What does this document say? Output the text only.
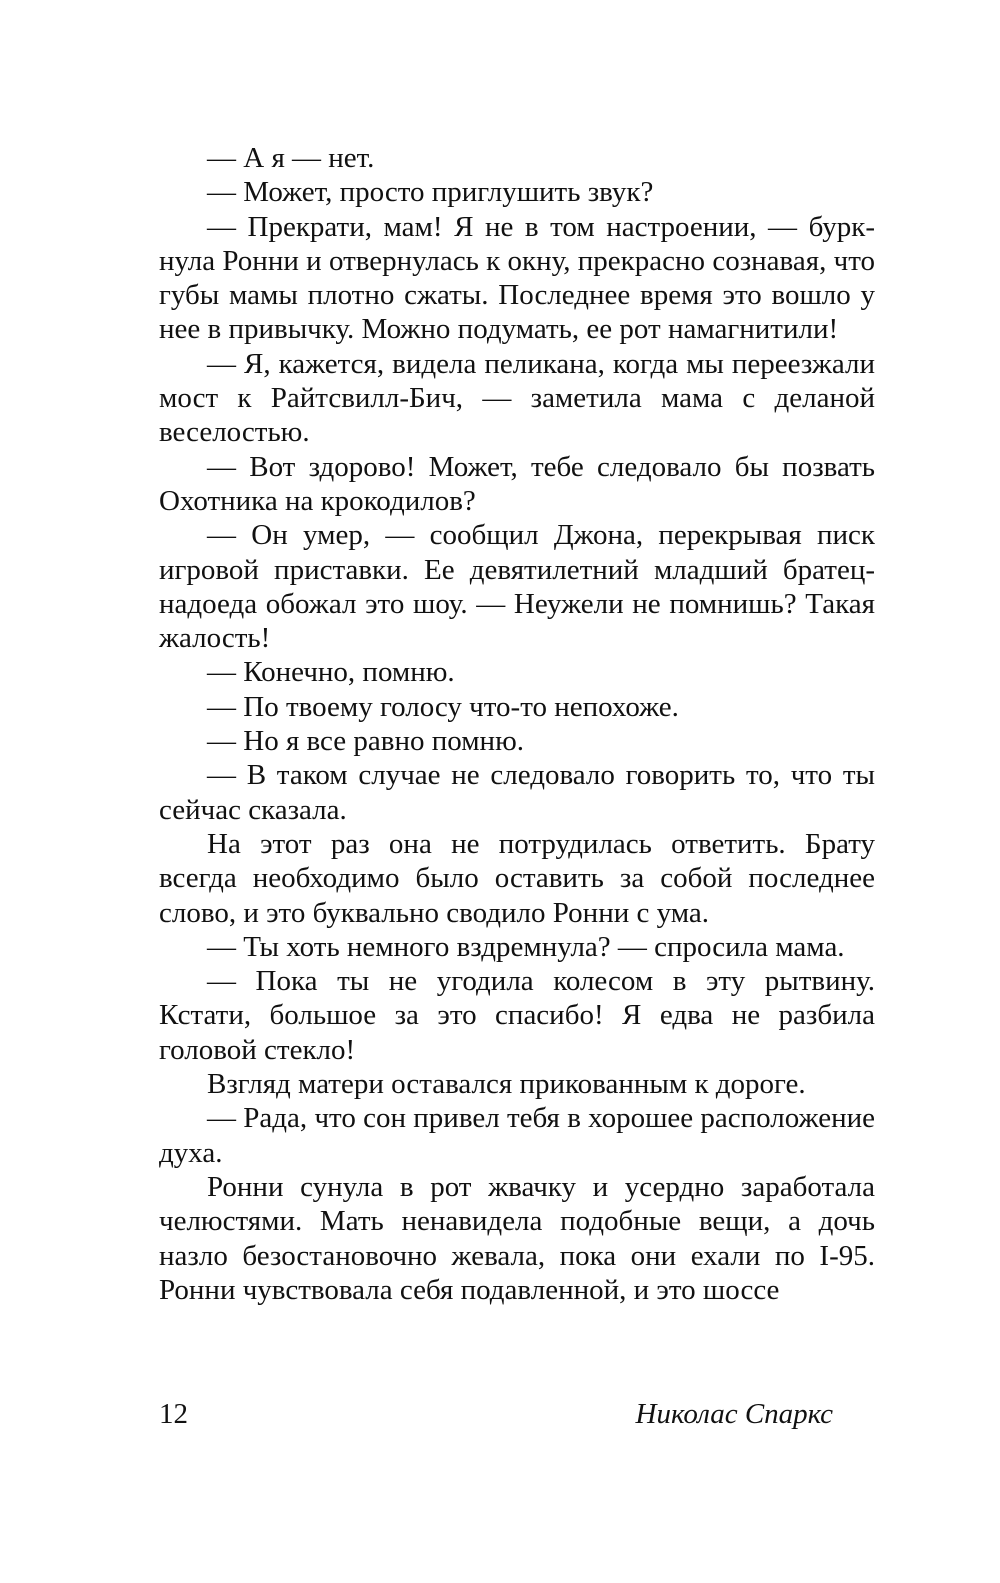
— А я — нет.

— Может, просто приглушить звук?

— Прекрати, мам! Я не в том настроении, — буркнула Ронни и отвернулась к окну, прекрасно сознавая, что губы мамы плотно сжаты. Последнее время это вошло у нее в привычку. Можно подумать, ее рот намагнитили!

— Я, кажется, видела пеликана, когда мы переезжали мост к Райтсвилл-Бич, — заметила мама с деланой веселостью.

— Вот здорово! Может, тебе следовало бы позвать Охотника на крокодилов?

— Он умер, — сообщил Джона, перекрывая писк игровой приставки. Ее девятилетний младший братец-надоеда обожал это шоу. — Неужели не помнишь? Такая жалость!

— Конечно, помню.

— По твоему голосу что-то непохоже.

— Но я все равно помню.

— В таком случае не следовало говорить то, что ты сейчас сказала.

На этот раз она не потрудилась ответить. Брату всегда необходимо было оставить за собой последнее слово, и это буквально сводило Ронни с ума.

— Ты хоть немного вздремнула? — спросила мама.

— Пока ты не угодила колесом в эту рытвину. Кстати, большое за это спасибо! Я едва не разбила головой стекло!

Взгляд матери оставался прикованным к дороге.

— Рада, что сон привел тебя в хорошее расположение духа.

Ронни сунула в рот жвачку и усердно заработала челюстями. Мать ненавидела подобные вещи, а дочь назло безостановочно жевала, пока они ехали по I-95. Ронни чувствовала себя подавленной, и это шоссе

12	Николас Спаркс
